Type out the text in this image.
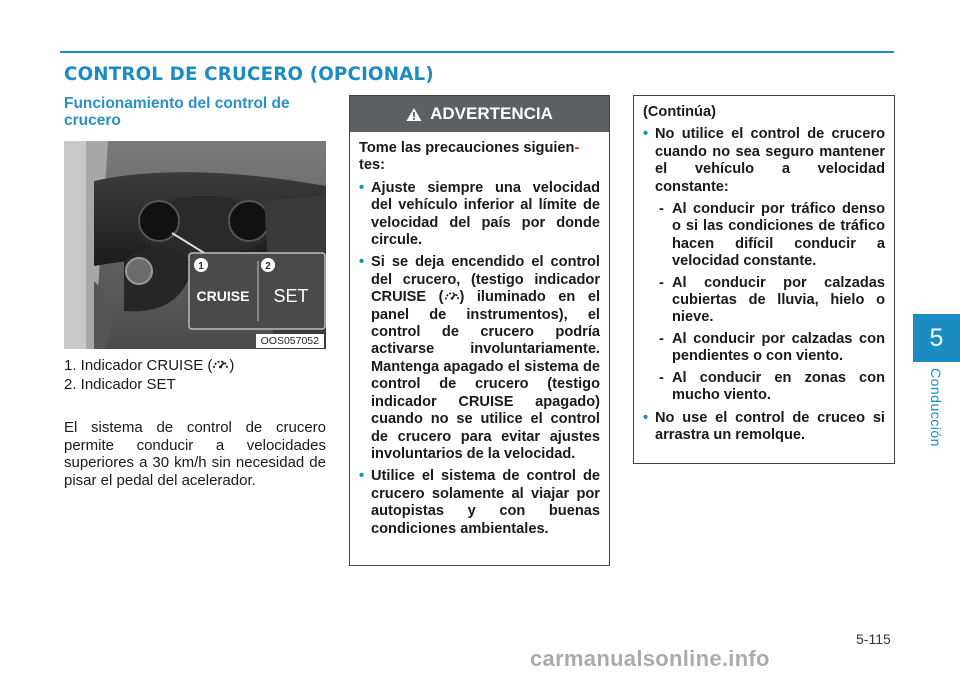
CONTROL DE CRUCERO (OPCIONAL)
Funcionamiento del control de crucero
1	2
CRUISE SET
OOS057052
1. Indicador CRUISE ( )
2. Indicador SET

El sistema de control de crucero permite conducir a velocidades superiores a 30 km/h sin necesidad de pisar el pedal del acelerador.

ADVERTENCIA

Tome las precauciones siguien-
tes:

• Ajuste siempre una velocidad del vehículo inferior al límite de velocidad del país por donde circule.
• Si se deja encendido el control del crucero, (testigo indicador CRUISE ( ) iluminado en el panel de instrumentos), el control de crucero podría activarse involuntariamente. Mantenga apagado el sistema de control de crucero (testigo indicador CRUISE apagado) cuando no se utilice el control de crucero para evitar ajustes involuntarios de la velocidad.
• Utilice el sistema de control de crucero solamente al viajar por autopistas y con buenas condiciones ambientales.

(Continúa)

• No utilice el control de crucero cuando no sea seguro mantener el vehículo a velocidad constante:
- Al conducir por tráfico denso o si las condiciones de tráfico hacen difícil conducir a velocidad constante.
- Al conducir por calzadas cubiertas de lluvia, hielo o nieve.
- Al conducir por calzadas con pendientes o con viento.
- Al conducir en zonas con mucho viento.
• No use el control de cruceo si arrastra un remolque.
5
Conducción
5-115
carmanualsonline.info
